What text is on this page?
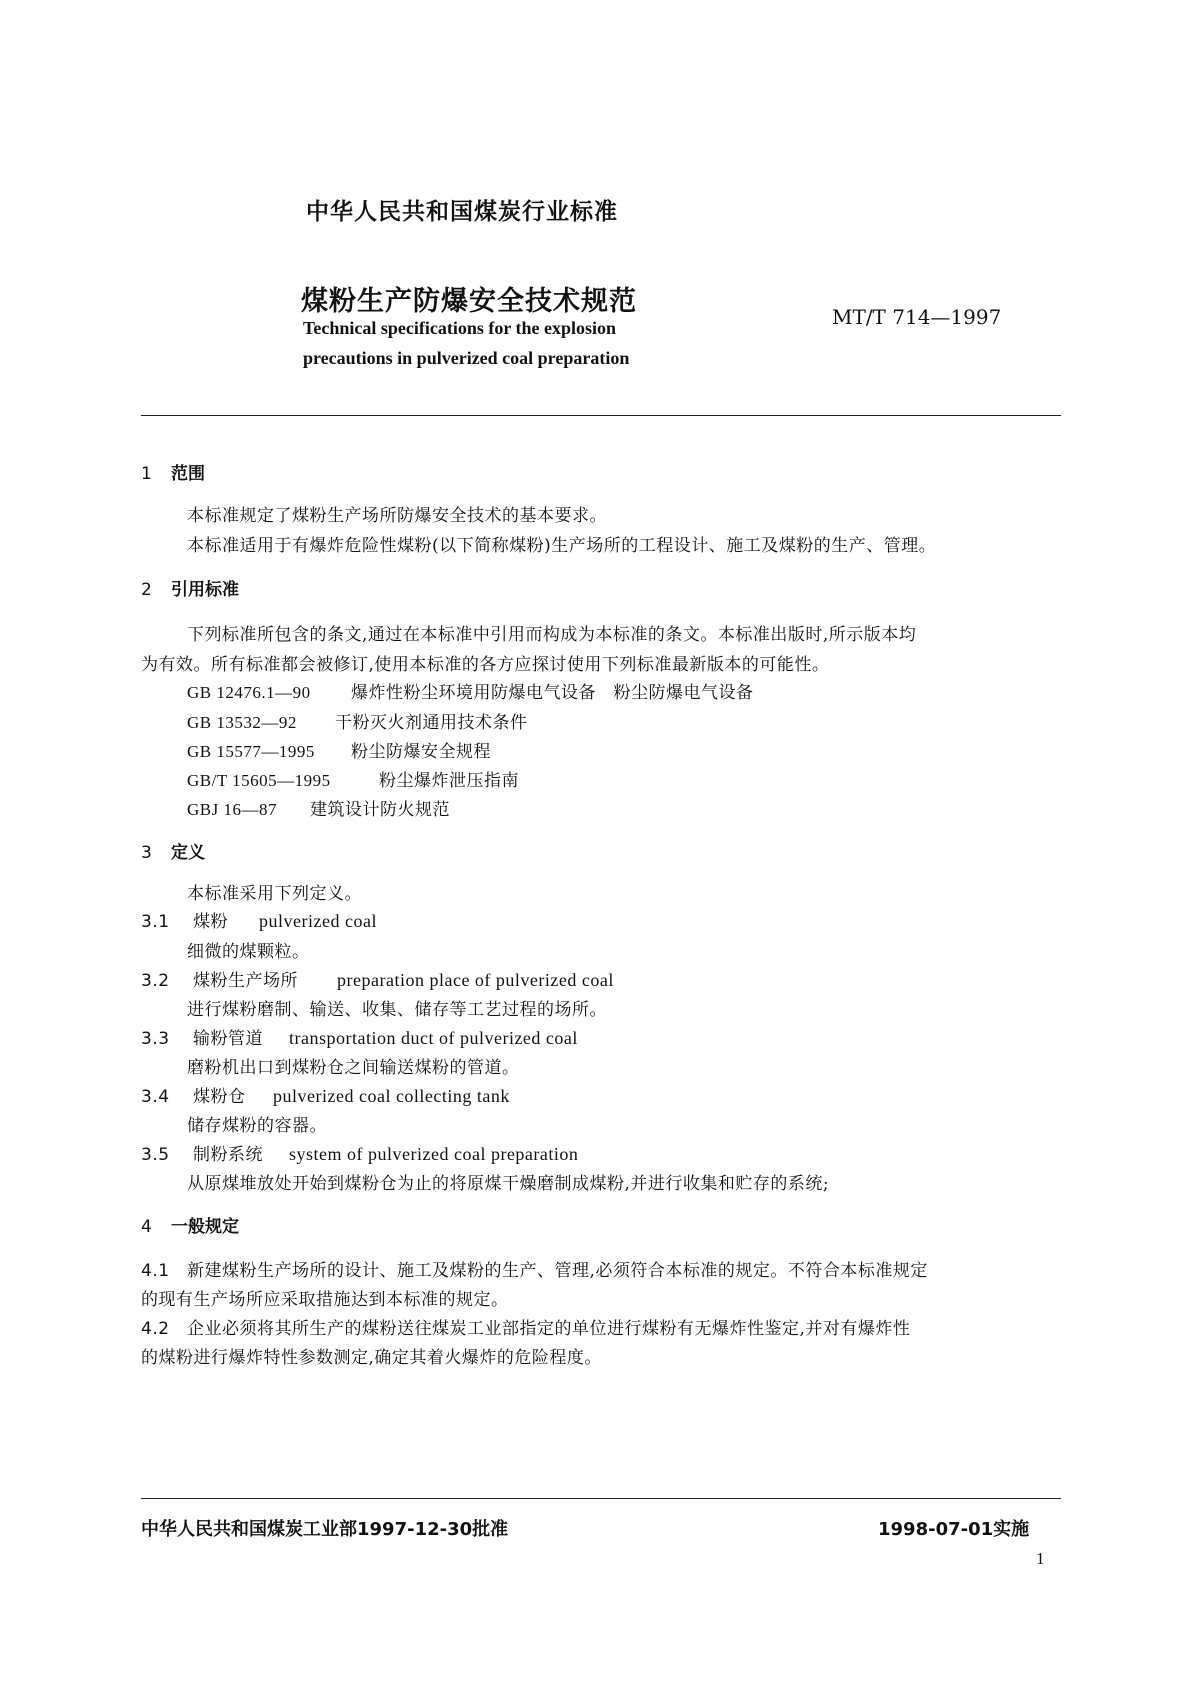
中华人民共和国煤炭行业标准
煤粉生产防爆安全技术规范	MT/T 714—1997
Technical specifications for the explosion
precautions in pulverized coal preparation
1 范围
本标准规定了煤粉生产场所防爆安全技术的基本要求。
本标准适用于有爆炸危险性煤粉(以下简称煤粉)生产场所的工程设计、施工及煤粉的生产、管理。
2 引用标准
下列标准所包含的条文,通过在本标准中引用而构成为本标准的条文。本标准出版时,所示版本均
为有效。所有标准都会被修订,使用本标准的各方应探讨使用下列标准最新版本的可能性。
GB 12476.1—90 爆炸性粉尘环境用防爆电气设备　粉尘防爆电气设备
GB 13532—92 干粉灭火剂通用技术条件
GB 15577—1995 粉尘防爆安全规程
GB/T 15605—1995	粉尘爆炸泄压指南
GBJ 16—87 建筑设计防火规范
3 定义
本标准采用下列定义。
3.1 煤粉 pulverized coal
细微的煤颗粒。
3.2 煤粉生产场所 preparation place of pulverized coal
进行煤粉磨制、输送、收集、储存等工艺过程的场所。
3.3 输粉管道 transportation duct of pulverized coal
磨粉机出口到煤粉仓之间输送煤粉的管道。
3.4 煤粉仓 pulverized coal collecting tank
储存煤粉的容器。
3.5 制粉系统 system of pulverized coal preparation
从原煤堆放处开始到煤粉仓为止的将原煤干燥磨制成煤粉,并进行收集和贮存的系统;
4 一般规定
4.1 新建煤粉生产场所的设计、施工及煤粉的生产、管理,必须符合本标准的规定。不符合本标准规定
的现有生产场所应采取措施达到本标准的规定。
4.2 企业必须将其所生产的煤粉送往煤炭工业部指定的单位进行煤粉有无爆炸性鉴定,并对有爆炸性
的煤粉进行爆炸特性参数测定,确定其着火爆炸的危险程度。
中华人民共和国煤炭工业部1997-12-30批准	1998-07-01实施
1
